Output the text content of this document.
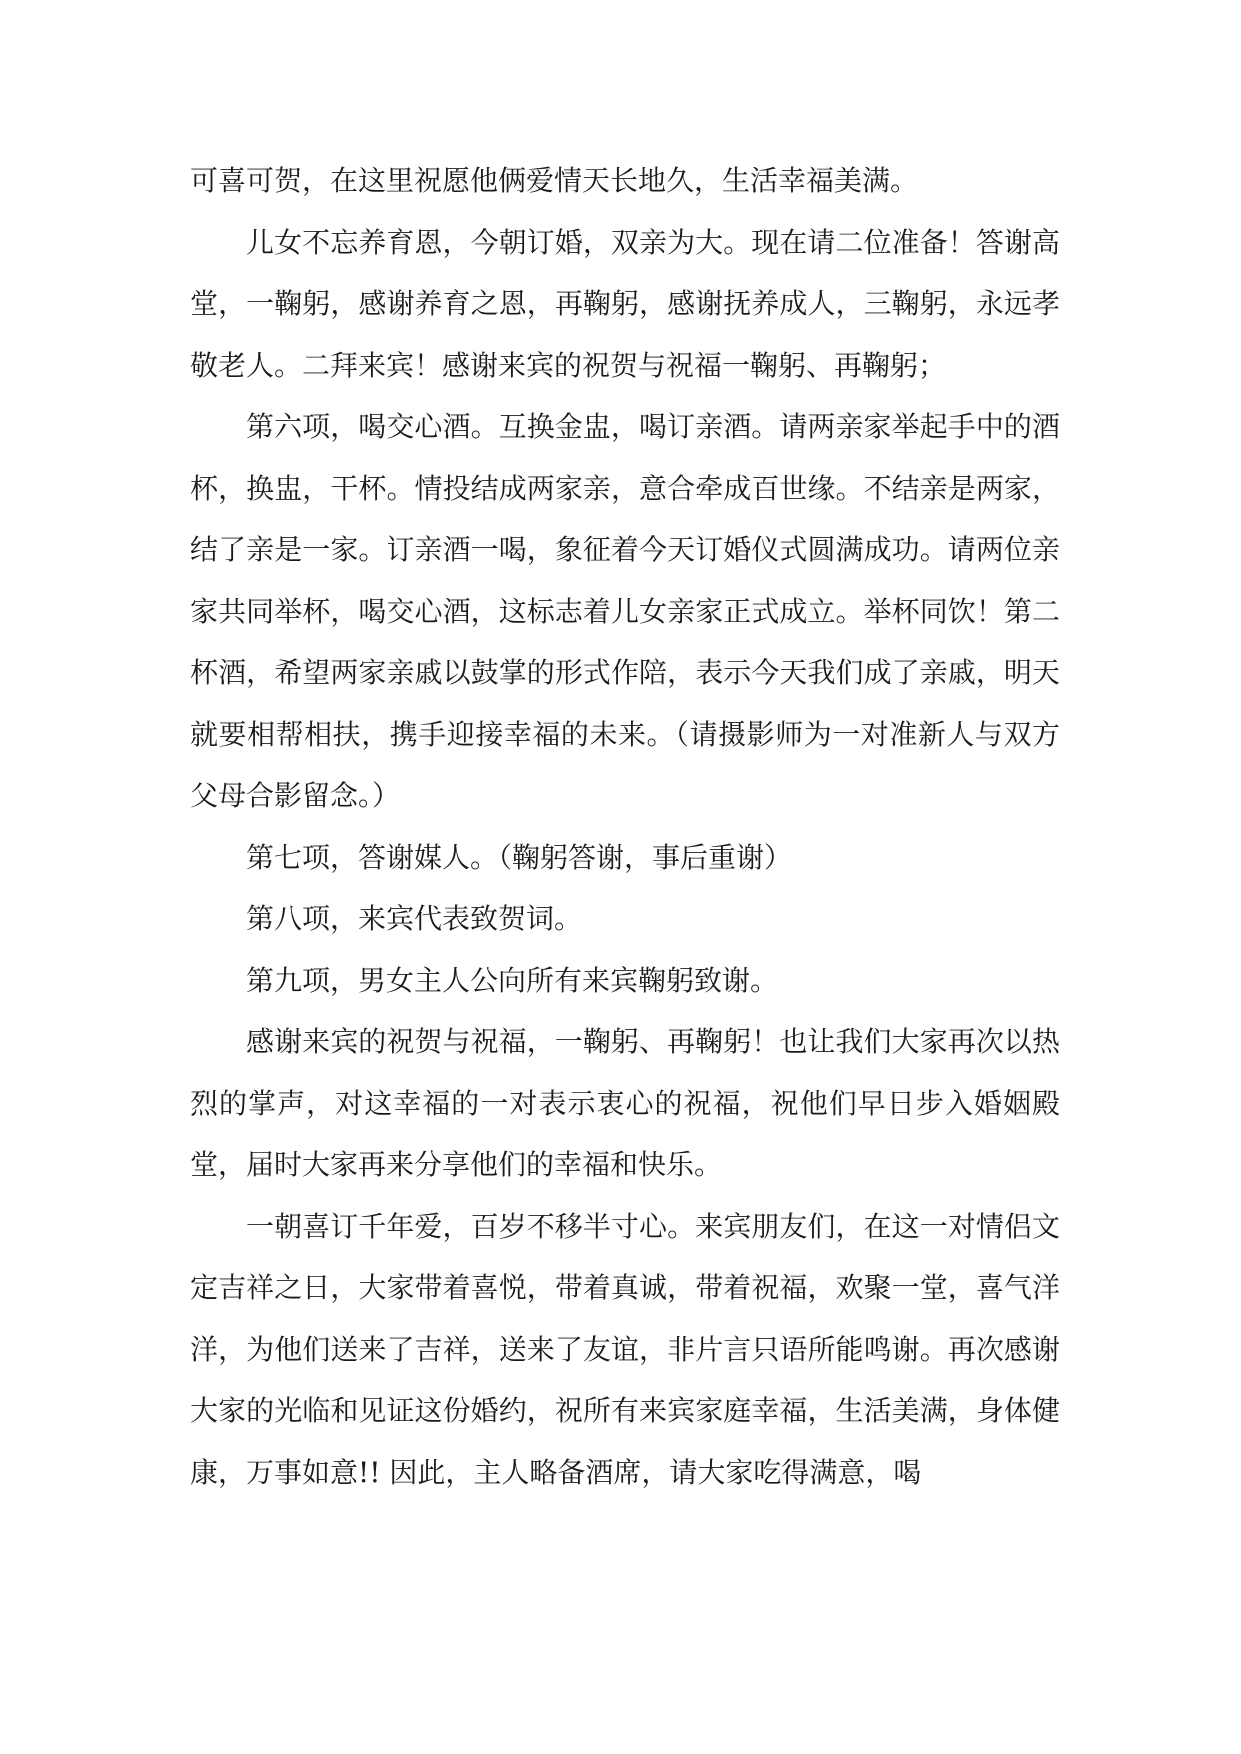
可喜可贺，在这里祝愿他俩爱情天长地久，生活幸福美满。

儿女不忘养育恩，今朝订婚，双亲为大。现在请二位准备！答谢高堂，一鞠躬，感谢养育之恩，再鞠躬，感谢抚养成人，三鞠躬，永远孝敬老人。二拜来宾！感谢来宾的祝贺与祝福一鞠躬、再鞠躬；

第六项，喝交心酒。互换金盅，喝订亲酒。请两亲家举起手中的酒杯，换盅，干杯。情投结成两家亲，意合牵成百世缘。不结亲是两家，结了亲是一家。订亲酒一喝，象征着今天订婚仪式圆满成功。请两位亲家共同举杯，喝交心酒，这标志着儿女亲家正式成立。举杯同饮！第二杯酒，希望两家亲戚以鼓掌的形式作陪，表示今天我们成了亲戚，明天就要相帮相扶，携手迎接幸福的未来。（请摄影师为一对准新人与双方父母合影留念。）

第七项，答谢媒人。（鞠躬答谢，事后重谢）

第八项，来宾代表致贺词。

第九项，男女主人公向所有来宾鞠躬致谢。

感谢来宾的祝贺与祝福，一鞠躬、再鞠躬！也让我们大家再次以热烈的掌声，对这幸福的一对表示衷心的祝福，祝他们早日步入婚姻殿堂，届时大家再来分享他们的幸福和快乐。

一朝喜订千年爱，百岁不移半寸心。来宾朋友们，在这一对情侣文定吉祥之日，大家带着喜悦，带着真诚，带着祝福，欢聚一堂，喜气洋洋，为他们送来了吉祥，送来了友谊，非片言只语所能鸣谢。再次感谢大家的光临和见证这份婚约，祝所有来宾家庭幸福，生活美满，身体健康，万事如意!! 因此，主人略备酒席，请大家吃得满意，喝
